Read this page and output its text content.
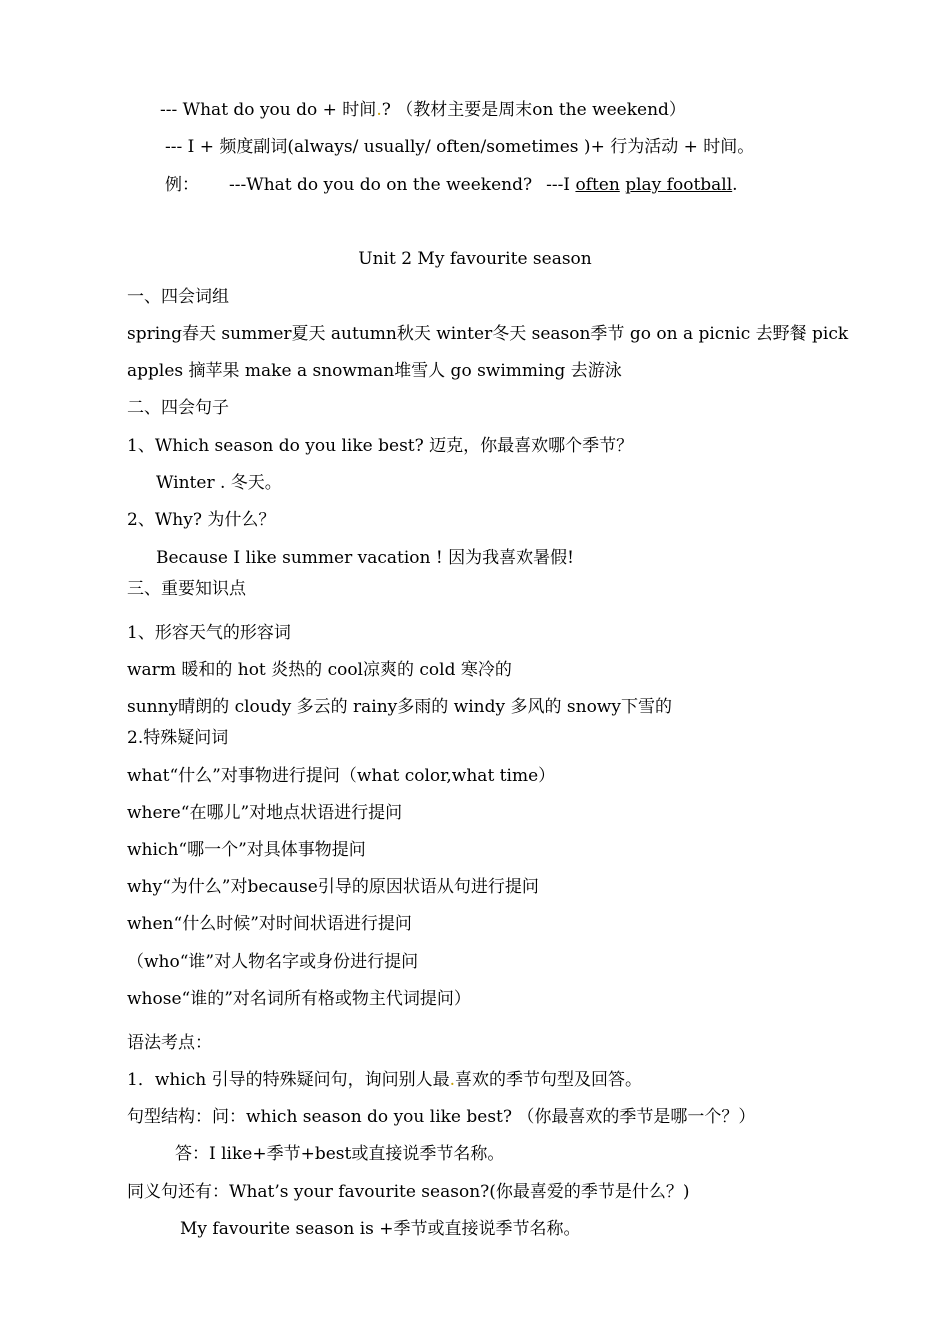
--- What do you do + 时间.? （教材主要是周末on the weekend）
--- I + 频度副词(always/ usually/ often/sometimes )+ 行为活动 + 时间。
例： ---What do you do on the weekend? ---I often play football.
Unit 2 My favourite season
一、四会词组
spring春天 summer夏天 autumn秋天 winter冬天 season季节 go on a picnic 去野餐 pick
apples 摘苹果 make a snowman堆雪人 go swimming 去游泳
二、四会句子
1、Which season do you like best? 迈克，你最喜欢哪个季节？
Winter . 冬天。
2、Why? 为什么？
Because I like summer vacation ! 因为我喜欢暑假!
三、重要知识点
1、形容天气的形容词
warm 暖和的 hot 炎热的 cool凉爽的 cold 寒冷的
sunny晴朗的 cloudy 多云的 rainy多雨的 windy 多风的 snowy下雪的
2.特殊疑问词
what“什么”对事物进行提问（what color,what time）
where“在哪儿”对地点状语进行提问
which“哪一个”对具体事物提问
why“为什么”对because引导的原因状语从句进行提问
when“什么时候”对时间状语进行提问
（who“谁”对人物名字或身份进行提问
whose“谁的”对名词所有格或物主代词提问）
语法考点：
1．which 引导的特殊疑问句，询问别人最.喜欢的季节句型及回答。
句型结构：问：which season do you like best? （你最喜欢的季节是哪一个？）
答：I like+季节+best或直接说季节名称。
同义句还有：What’s your favourite season?(你最喜爱的季节是什么？)
My favourite season is +季节或直接说季节名称。
